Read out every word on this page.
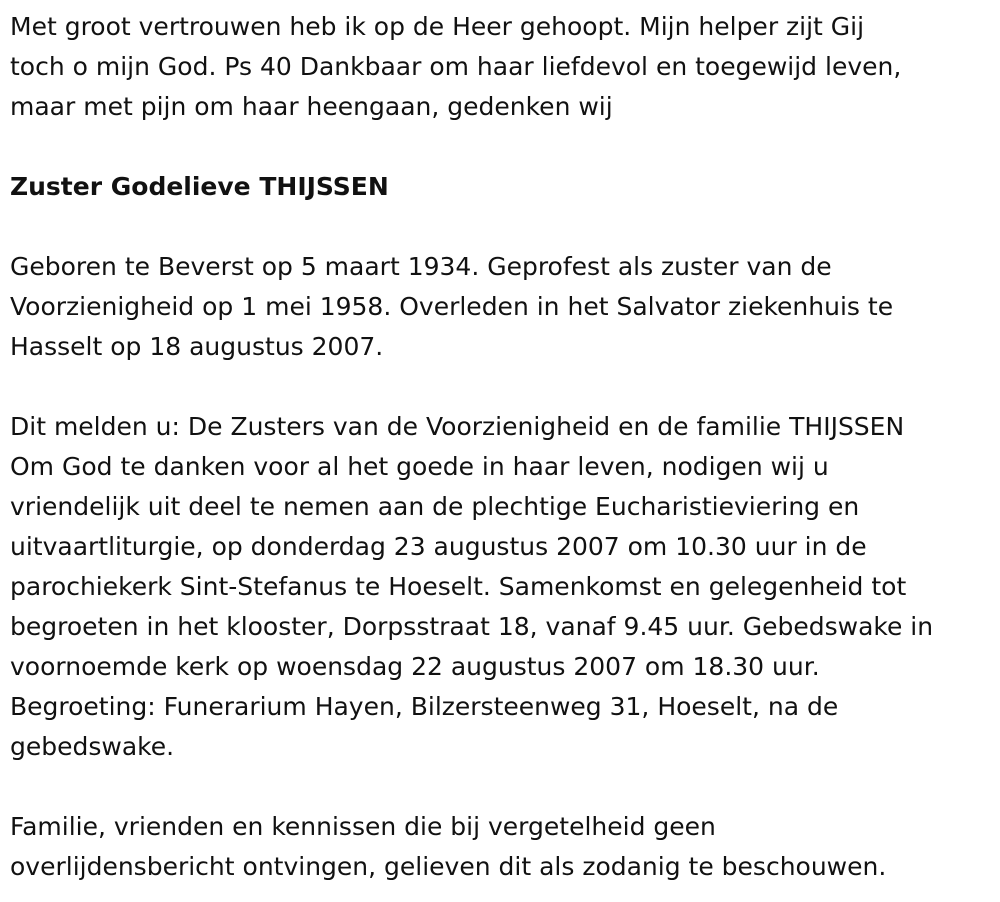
Met groot vertrouwen heb ik op de Heer gehoopt. Mijn helper zijt Gij
toch o mijn God. Ps 40 Dankbaar om haar liefdevol en toegewijd leven,
maar met pijn om haar heengaan, gedenken wij

Zuster Godelieve THIJSSEN

Geboren te Beverst op 5 maart 1934. Geprofest als zuster van de
Voorzienigheid op 1 mei 1958. Overleden in het Salvator ziekenhuis te
Hasselt op 18 augustus 2007.

Dit melden u: De Zusters van de Voorzienigheid en de familie THIJSSEN
Om God te danken voor al het goede in haar leven, nodigen wij u
vriendelijk uit deel te nemen aan de plechtige Eucharistieviering en
uitvaartliturgie, op donderdag 23 augustus 2007 om 10.30 uur in de
parochiekerk Sint-Stefanus te Hoeselt. Samenkomst en gelegenheid tot
begroeten in het klooster, Dorpsstraat 18, vanaf 9.45 uur. Gebedswake in
voornoemde kerk op woensdag 22 augustus 2007 om 18.30 uur.
Begroeting: Funerarium Hayen, Bilzersteenweg 31, Hoeselt, na de
gebedswake.

Familie, vrienden en kennissen die bij vergetelheid geen
overlijdensbericht ontvingen, gelieven dit als zodanig te beschouwen.
